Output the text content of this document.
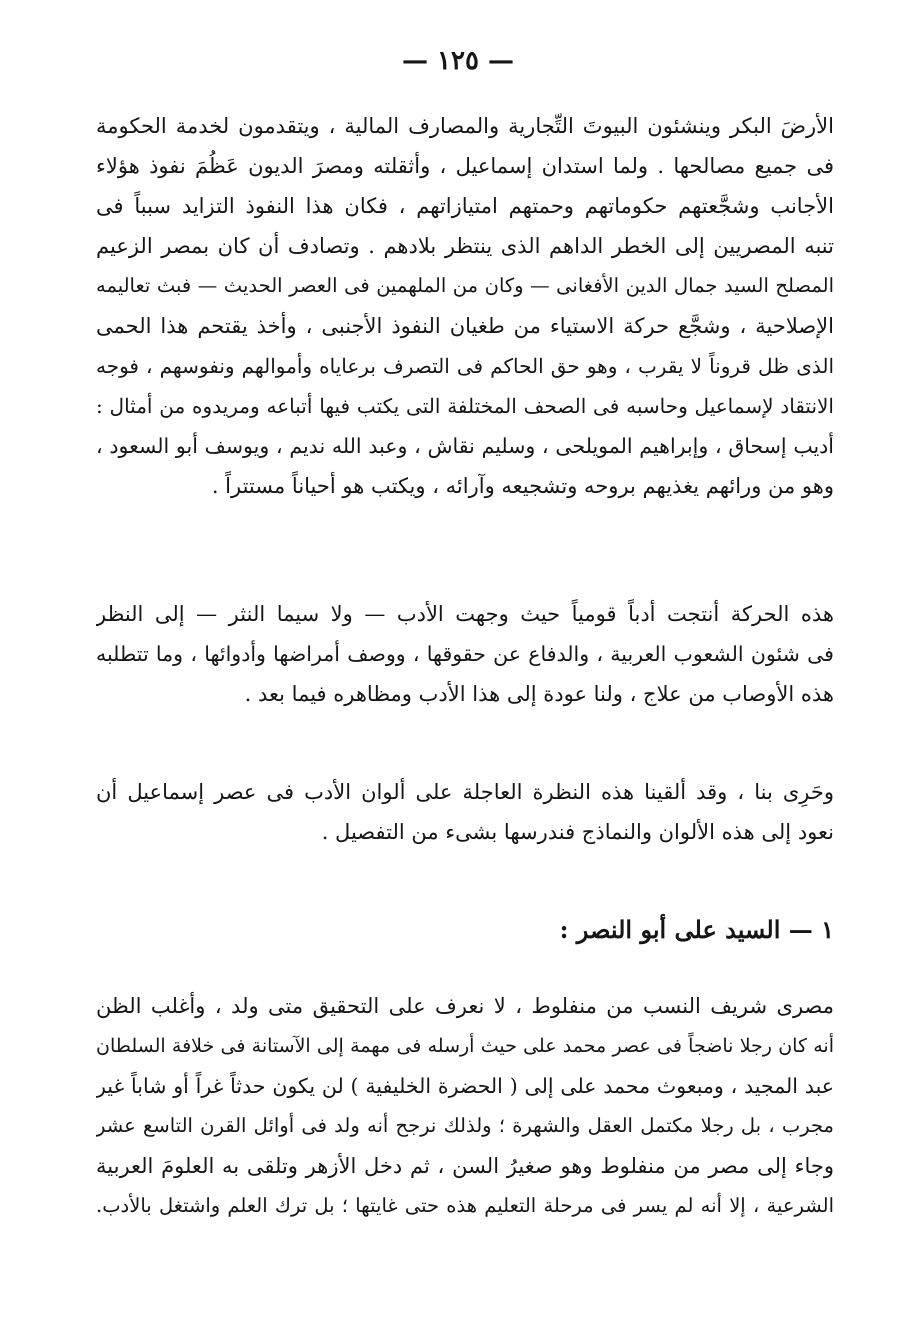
— ١٢٥ —
الأرضَ البكر وينشئون البيوتَ التِّجارية والمصارف المالية ، ويتقدمون لخدمة الحكومة
فى جميع مصالحها . ولما استدان إسماعيل ، وأثقلته ومصرَ الديون عَظُمَ نفوذ هؤلاء
الأجانب وشجَّعتهم حكوماتهم وحمتهم امتيازاتهم ، فكان هذا النفوذ التزايد سبباً فى
تنبه المصريين إلى الخطر الداهم الذى ينتظر بلادهم . وتصادف أن كان بمصر الزعيم
المصلح السيد جمال الدين الأفغانى — وكان من الملهمين فى العصر الحديث — فبث تعاليمه
الإصلاحية ، وشجَّع حركة الاستياء من طغيان النفوذ الأجنبى ، وأخذ يقتحم هذا الحمى
الذى ظل قروناً لا يقرب ، وهو حق الحاكم فى التصرف برعاياه وأموالهم ونفوسهم ، فوجه
الانتقاد لإسماعيل وحاسبه فى الصحف المختلفة التى يكتب فيها أتباعه ومريدوه من أمثال :
أديب إسحاق ، وإبراهيم المويلحى ، وسليم نقاش ، وعبد الله نديم ، ويوسف أبو السعود ،
وهو من ورائهم يغذيهم بروحه وتشجيعه وآرائه ، ويكتب هو أحياناً مستتراً .
هذه الحركة أنتجت أدباً قومياً حيث وجهت الأدب — ولا سيما النثر — إلى النظر
فى شئون الشعوب العربية ، والدفاع عن حقوقها ، ووصف أمراضها وأدوائها ، وما تتطلبه
هذه الأوصاب من علاج ، ولنا عودة إلى هذا الأدب ومظاهره فيما بعد .
وحَرِى بنا ، وقد ألقينا هذه النظرة العاجلة على ألوان الأدب فى عصر إسماعيل أن
نعود إلى هذه الألوان والنماذج فندرسها بشىء من التفصيل .
١ — السيد على أبو النصر :
مصرى شريف النسب من منفلوط ، لا نعرف على التحقيق متى ولد ، وأغلب الظن
أنه كان رجلا ناضجاً فى عصر محمد على حيث أرسله فى مهمة إلى الآستانة فى خلافة السلطان
عبد المجيد ، ومبعوث محمد على إلى ( الحضرة الخليفية ) لن يكون حدثاً غراً أو شاباً غير
مجرب ، بل رجلا مكتمل العقل والشهرة ؛ ولذلك نرجح أنه ولد فى أوائل القرن التاسع عشر
وجاء إلى مصر من منفلوط وهو صغيرُ السن ، ثم دخل الأزهر وتلقى به العلومَ العربية
الشرعية ، إلا أنه لم يسر فى مرحلة التعليم هذه حتى غايتها ؛ بل ترك العلم واشتغل بالأدب.
